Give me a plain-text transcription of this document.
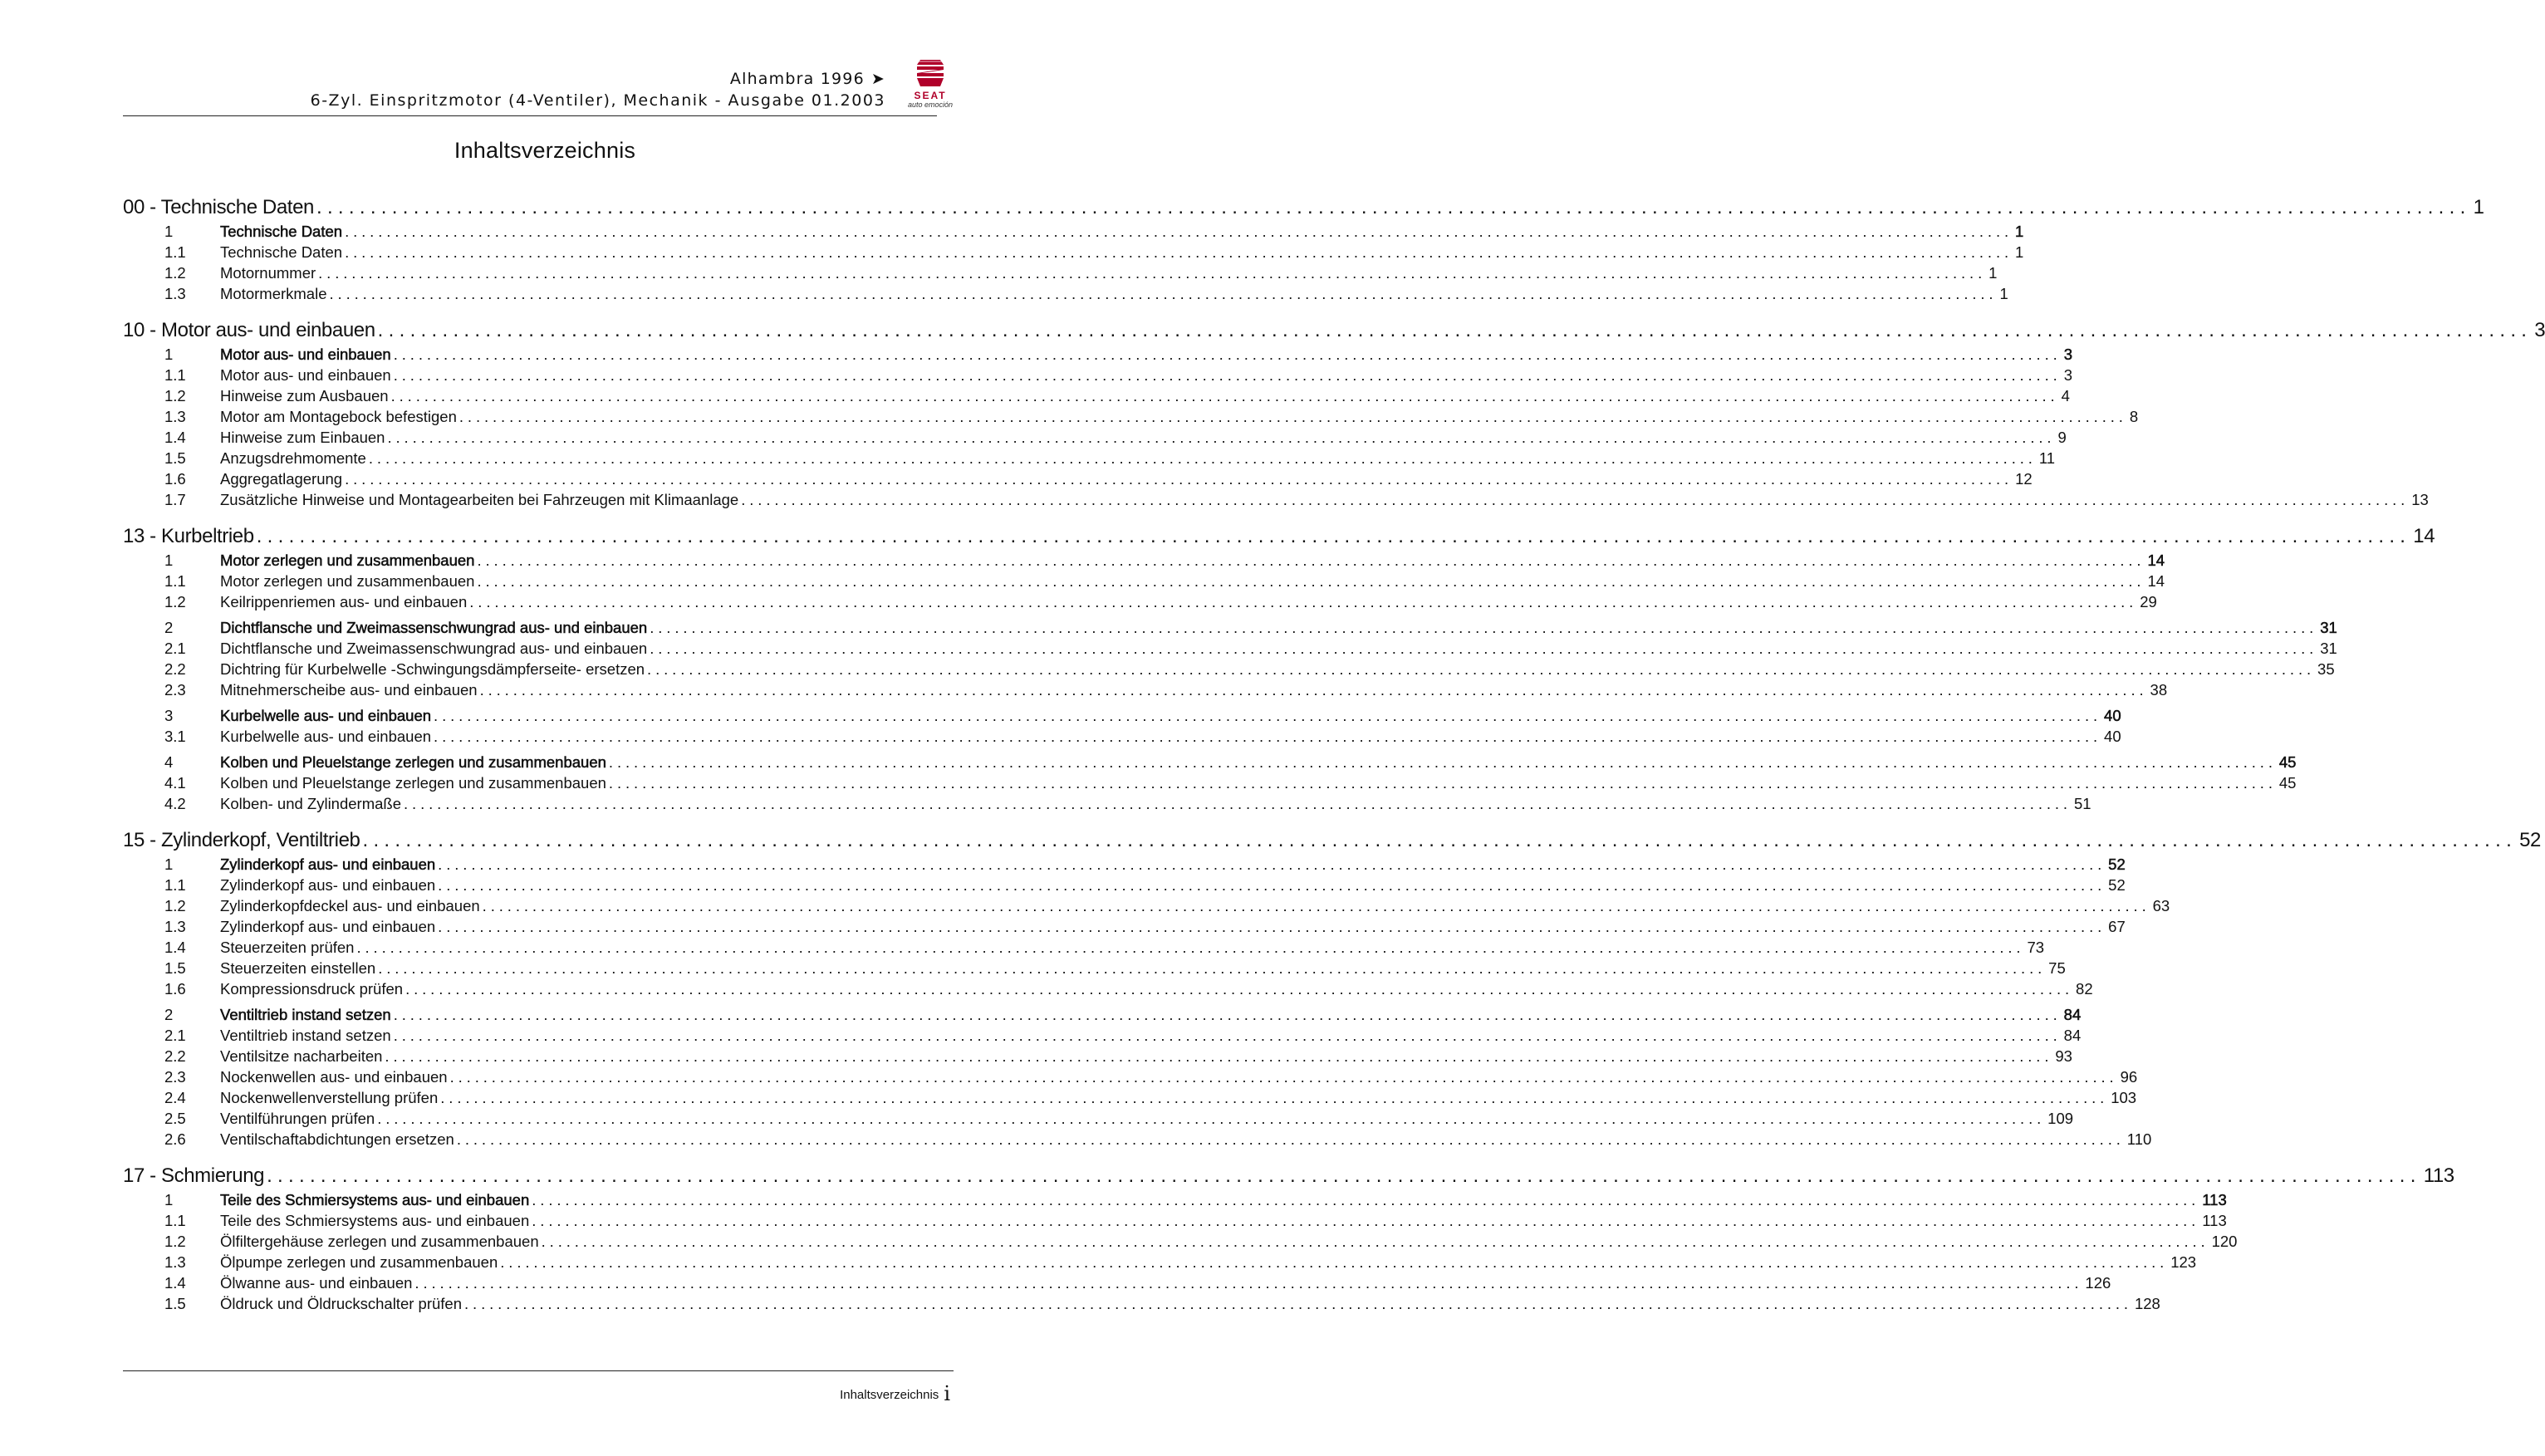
Alhambra 1996 ➤
6-Zyl. Einspritzmotor (4-Ventiler), Mechanik - Ausgabe 01.2003	SEAT
auto emoción
Inhaltsverzeichnis
00 - Technische Daten ........................................................................................................................................................................................................ 1
1	Technische Daten ........................................................................................................................................................................................................ 1
1.1	Technische Daten ........................................................................................................................................................................................................ 1
1.2	Motornummer ........................................................................................................................................................................................................ 1
1.3	Motormerkmale ........................................................................................................................................................................................................ 1
10 - Motor aus- und einbauen ........................................................................................................................................................................................................ 3
1	Motor aus- und einbauen ........................................................................................................................................................................................................ 3
1.1	Motor aus- und einbauen ........................................................................................................................................................................................................ 3
1.2	Hinweise zum Ausbauen ........................................................................................................................................................................................................ 4
1.3	Motor am Montagebock befestigen ........................................................................................................................................................................................................ 8
1.4	Hinweise zum Einbauen ........................................................................................................................................................................................................ 9
1.5	Anzugsdrehmomente ........................................................................................................................................................................................................ 11
1.6	Aggregatlagerung ........................................................................................................................................................................................................ 12
1.7	Zusätzliche Hinweise und Montagearbeiten bei Fahrzeugen mit Klimaanlage ........................................................................................................................................................................................................ 13
13 - Kurbeltrieb ........................................................................................................................................................................................................ 14
1	Motor zerlegen und zusammenbauen ........................................................................................................................................................................................................ 14
1.1	Motor zerlegen und zusammenbauen ........................................................................................................................................................................................................ 14
1.2	Keilrippenriemen aus- und einbauen ........................................................................................................................................................................................................ 29
2	Dichtflansche und Zweimassenschwungrad aus- und einbauen ........................................................................................................................................................................................................ 31
2.1	Dichtflansche und Zweimassenschwungrad aus- und einbauen ........................................................................................................................................................................................................ 31
2.2	Dichtring für Kurbelwelle -Schwingungsdämpferseite- ersetzen ........................................................................................................................................................................................................ 35
2.3	Mitnehmerscheibe aus- und einbauen ........................................................................................................................................................................................................ 38
3	Kurbelwelle aus- und einbauen ........................................................................................................................................................................................................ 40
3.1	Kurbelwelle aus- und einbauen ........................................................................................................................................................................................................ 40
4	Kolben und Pleuelstange zerlegen und zusammenbauen ........................................................................................................................................................................................................ 45
4.1	Kolben und Pleuelstange zerlegen und zusammenbauen ........................................................................................................................................................................................................ 45
4.2	Kolben- und Zylindermaße ........................................................................................................................................................................................................ 51
15 - Zylinderkopf, Ventiltrieb ........................................................................................................................................................................................................ 52
1	Zylinderkopf aus- und einbauen ........................................................................................................................................................................................................ 52
1.1	Zylinderkopf aus- und einbauen ........................................................................................................................................................................................................ 52
1.2	Zylinderkopfdeckel aus- und einbauen ........................................................................................................................................................................................................ 63
1.3	Zylinderkopf aus- und einbauen ........................................................................................................................................................................................................ 67
1.4	Steuerzeiten prüfen ........................................................................................................................................................................................................ 73
1.5	Steuerzeiten einstellen ........................................................................................................................................................................................................ 75
1.6	Kompressionsdruck prüfen ........................................................................................................................................................................................................ 82
2	Ventiltrieb instand setzen ........................................................................................................................................................................................................ 84
2.1	Ventiltrieb instand setzen ........................................................................................................................................................................................................ 84
2.2	Ventilsitze nacharbeiten ........................................................................................................................................................................................................ 93
2.3	Nockenwellen aus- und einbauen ........................................................................................................................................................................................................ 96
2.4	Nockenwellenverstellung prüfen ........................................................................................................................................................................................................ 103
2.5	Ventilführungen prüfen ........................................................................................................................................................................................................ 109
2.6	Ventilschaftabdichtungen ersetzen ........................................................................................................................................................................................................ 110
17 - Schmierung ........................................................................................................................................................................................................ 113
1	Teile des Schmiersystems aus- und einbauen ........................................................................................................................................................................................................ 113
1.1	Teile des Schmiersystems aus- und einbauen ........................................................................................................................................................................................................ 113
1.2	Ölfiltergehäuse zerlegen und zusammenbauen ........................................................................................................................................................................................................ 120
1.3	Ölpumpe zerlegen und zusammenbauen ........................................................................................................................................................................................................ 123
1.4	Ölwanne aus- und einbauen ........................................................................................................................................................................................................ 126
1.5	Öldruck und Öldruckschalter prüfen ........................................................................................................................................................................................................ 128
Inhaltsverzeichnis i
